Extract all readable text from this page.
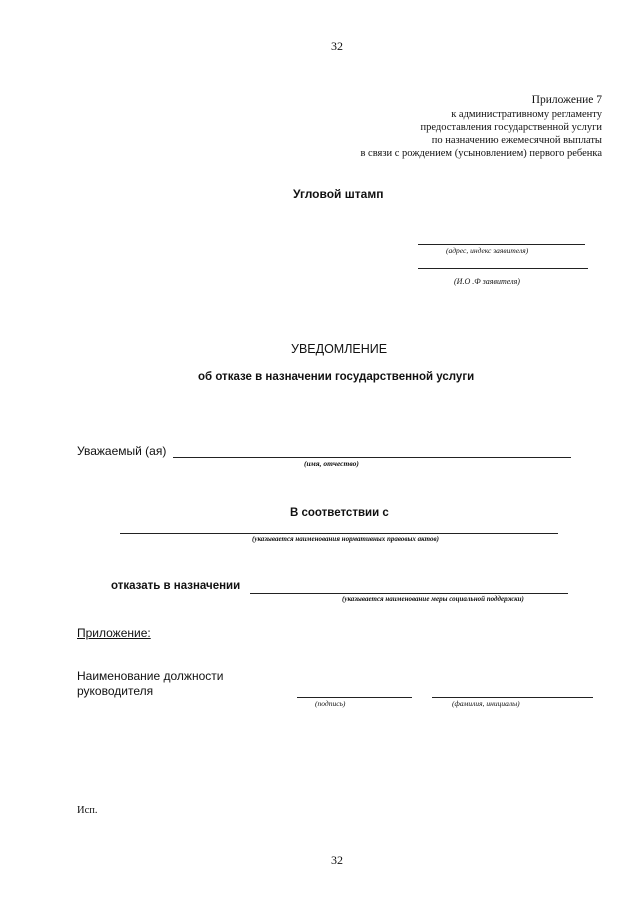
32
Приложение 7
к административному регламенту
предоставления государственной услуги
по назначению ежемесячной выплаты
в связи с рождением (усыновлением) первого ребенка
Угловой штамп
(адрес, индекс заявителя)
(И.О .Ф заявителя)
УВЕДОМЛЕНИЕ
об отказе в назначении государственной услуги
Уважаемый (ая)
(имя, отчество)
В соответствии с
(указывается наименования нормативных правовых актов)
отказать в назначении
(указывается наименование меры социальной поддержки)
Приложение:
Наименование должности
руководителя
(подпись)	(фамилия, инициалы)
Исп.
32
